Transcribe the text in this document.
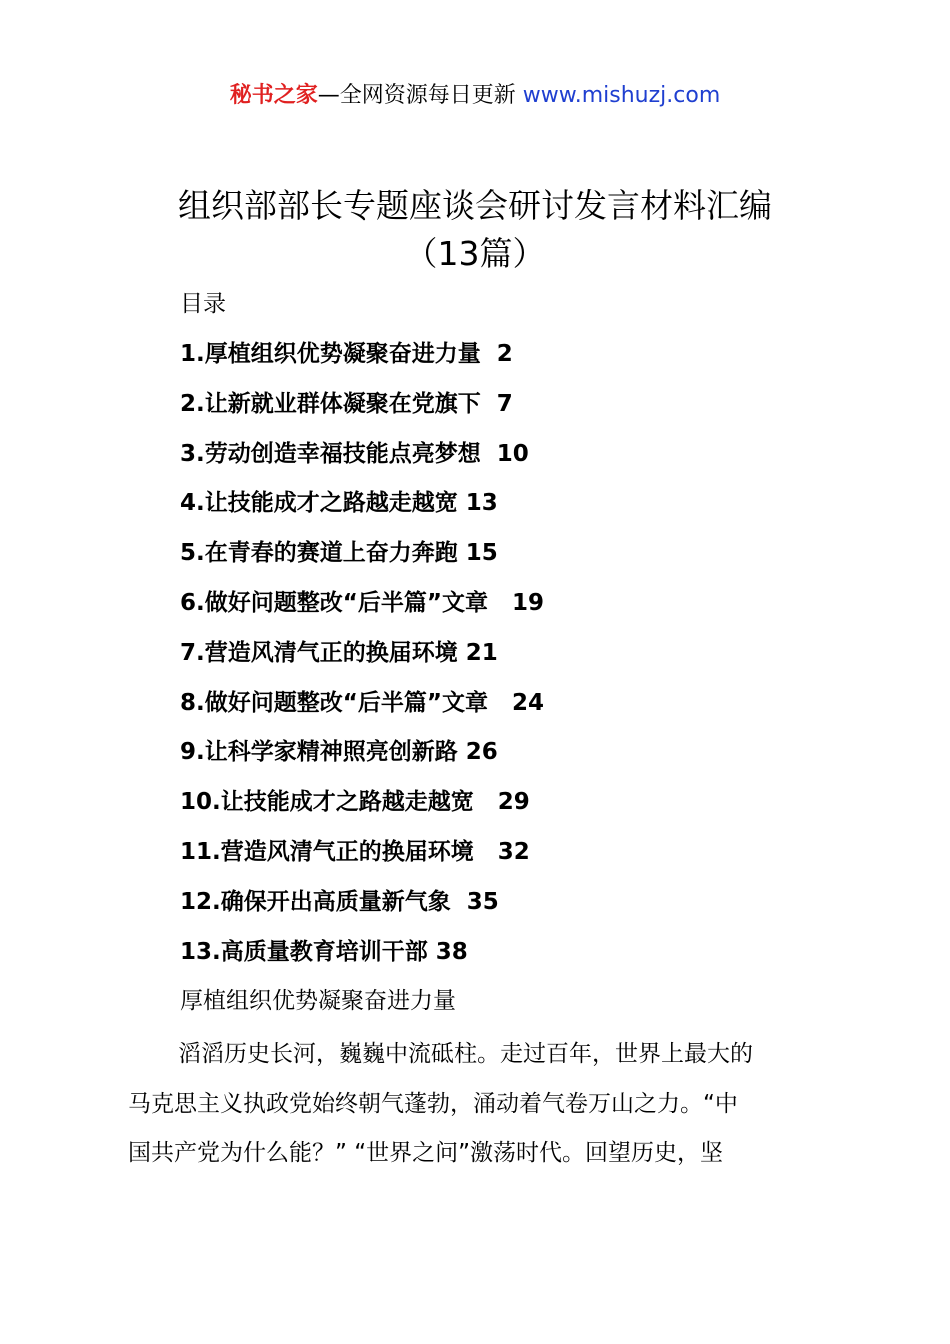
秘书之家—全网资源每日更新 www.mishuzj.com
组织部部长专题座谈会研讨发言材料汇编
（13篇）
目录
1.厚植组织优势凝聚奋进力量  2
2.让新就业群体凝聚在党旗下  7
3.劳动创造幸福技能点亮梦想  10
4.让技能成才之路越走越宽 13
5.在青春的赛道上奋力奔跑 15
6.做好问题整改“后半篇”文章   19
7.营造风清气正的换届环境 21
8.做好问题整改“后半篇”文章   24
9.让科学家精神照亮创新路 26
10.让技能成才之路越走越宽   29
11.营造风清气正的换届环境   32
12.确保开出高质量新气象  35
13.高质量教育培训干部 38
厚植组织优势凝聚奋进力量
滔滔历史长河，巍巍中流砥柱。走过百年，世界上最大的
马克思主义执政党始终朝气蓬勃，涌动着气卷万山之力。“中
国共产党为什么能？” “世界之问”激荡时代。回望历史，坚
